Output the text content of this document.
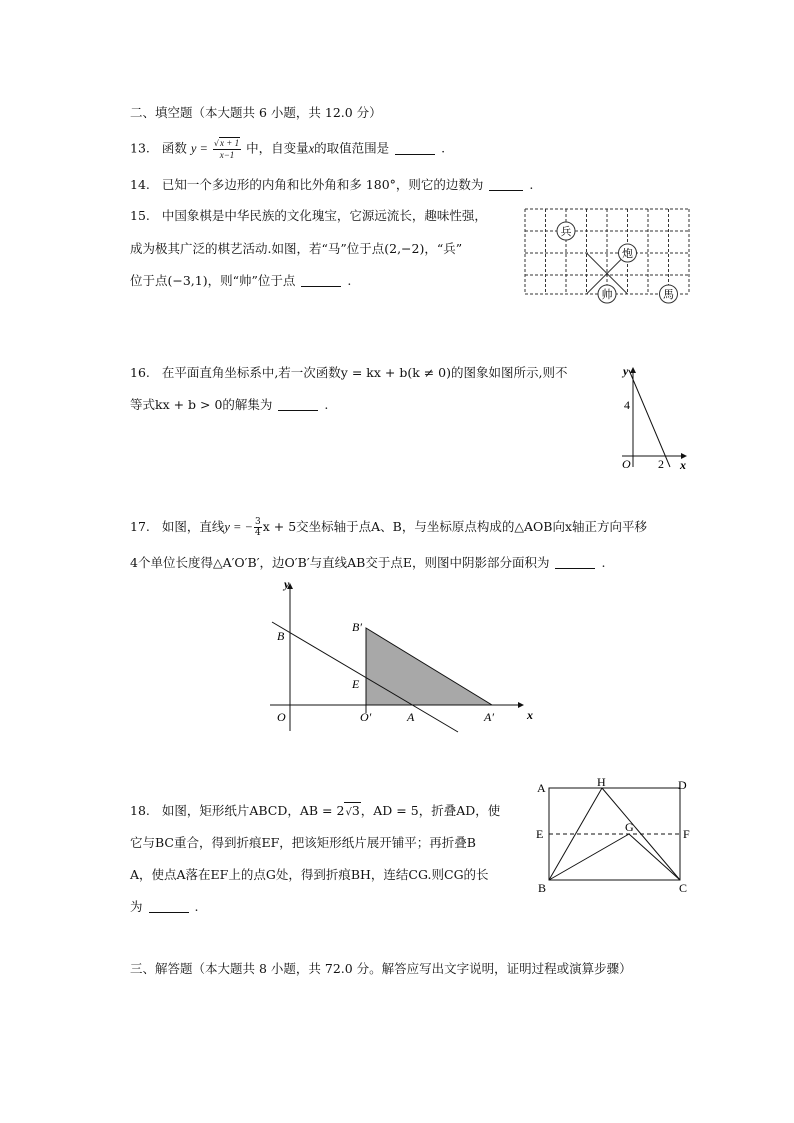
二、填空题（本大题共 6 小题，共 12.0 分）
13. 函数 $y = \frac{√x + 1}{x-1}$ 中，自变量x的取值范围是	.
14. 已知一个多边形的内角和比外角和多 180°，则它的边数为	.
15. 中国象棋是中华民族的文化瑰宝，它源远流长，趣味性强，
成为极其广泛的棋艺活动.如图，若“马”位于点(2,−2)，“兵”
位于点(−3,1)，则“帅”位于点	.
兵
炮
帅	馬
16. 在平面直角坐标系中,若一次函数y = kx + b(k ≠ 0)的图象如图所示,则不
等式kx + b > 0的解集为	.
y
x
O
4
2
17. 如图，直线y = − $\frac{3}{4}$ x + 5交坐标轴于点A、B，与坐标原点构成的△AOB向x轴正方向平移
4个单位长度得△A′O′B′，边O′B′与直线AB交于点E，则图中阴影部分面积为	.
y
x
O	O′	A	A′
B
B′
E
18. 如图，矩形纸片ABCD，AB = 2√3，AD = 5，折叠AD，使
它与BC重合，得到折痕EF，把该矩形纸片展开铺平；再折叠B
A，使点A落在EF上的点G处，得到折痕BH，连结CG.则CG的长
为	.
A	H	D
E	G	F
B	C
三、解答题（本大题共 8 小题，共 72.0 分。解答应写出文字说明，证明过程或演算步骤）
